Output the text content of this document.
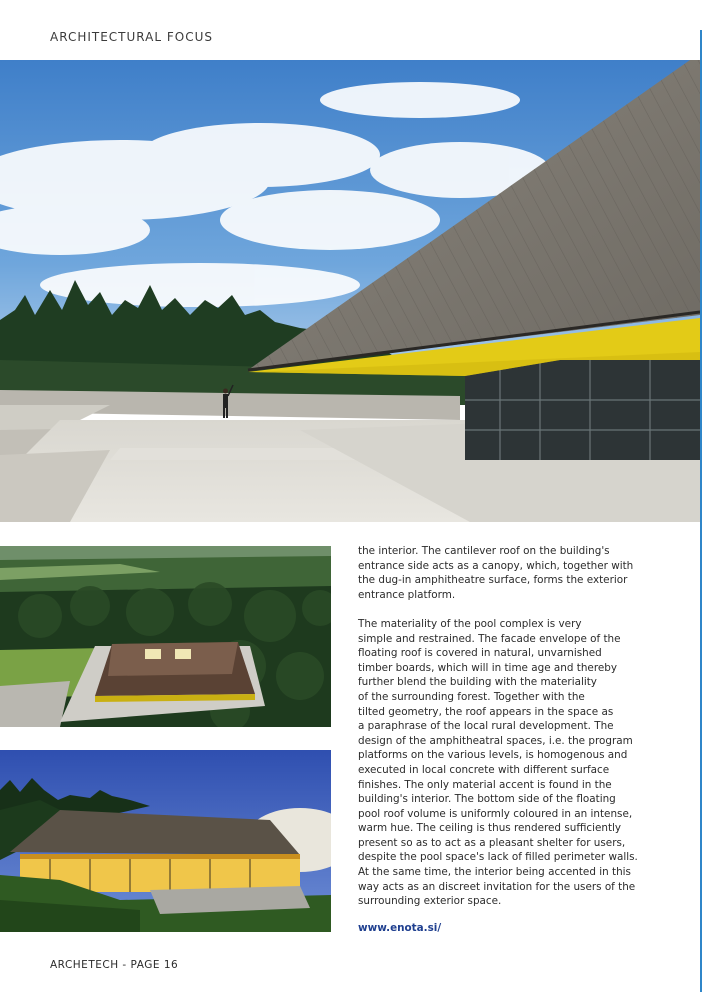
ARCHITECTURAL FOCUS

the interior. The cantilever roof on the building's
entrance side acts as a canopy, which, together with
the dug-in amphitheatre surface, forms the exterior
entrance platform.

The materiality of the pool complex is very
simple and restrained. The facade envelope of the
floating roof is covered in natural, unvarnished
timber boards, which will in time age and thereby
further blend the building with the materiality
of the surrounding forest. Together with the
tilted geometry, the roof appears in the space as
a paraphrase of the local rural development. The
design of the amphitheatral spaces, i.e. the program
platforms on the various levels, is homogenous and
executed in local concrete with different surface
finishes. The only material accent is found in the
building's interior. The bottom side of the floating
pool roof volume is uniformly coloured in an intense,
warm hue. The ceiling is thus rendered sufficiently
present so as to act as a pleasant shelter for users,
despite the pool space's lack of filled perimeter walls.
At the same time, the interior being accented in this
way acts as an discreet invitation for the users of the
surrounding exterior space.

www.enota.si/
ARCHETECH - PAGE 16
